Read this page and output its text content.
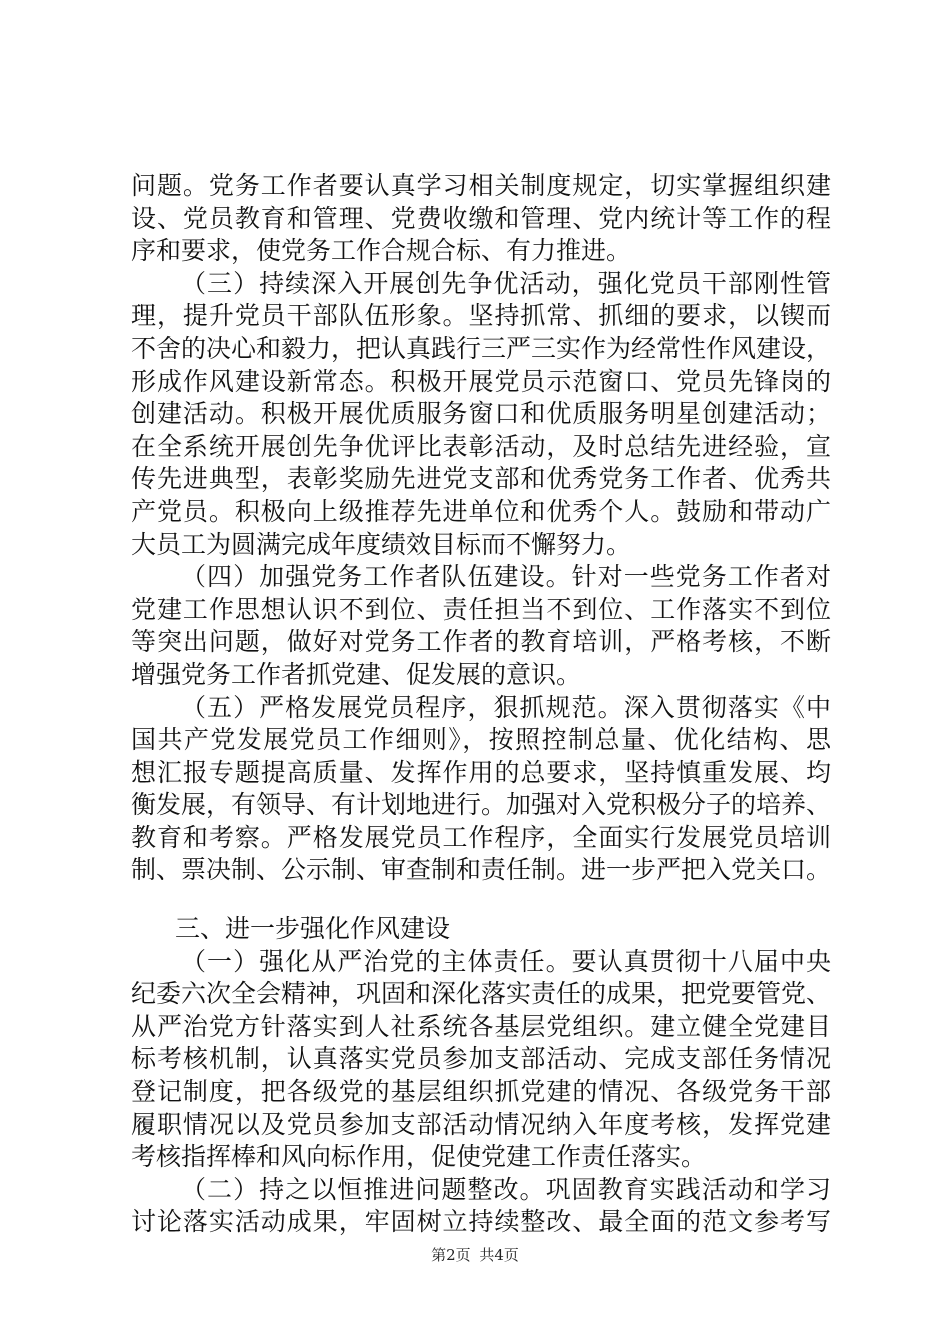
问题。党务工作者要认真学习相关制度规定，切实掌握组织建
设、党员教育和管理、党费收缴和管理、党内统计等工作的程
序和要求，使党务工作合规合标、有力推进。
（三）持续深入开展创先争优活动，强化党员干部刚性管
理，提升党员干部队伍形象。坚持抓常、抓细的要求，以锲而
不舍的决心和毅力，把认真践行三严三实作为经常性作风建设，
形成作风建设新常态。积极开展党员示范窗口、党员先锋岗的
创建活动。积极开展优质服务窗口和优质服务明星创建活动；
在全系统开展创先争优评比表彰活动，及时总结先进经验，宣
传先进典型，表彰奖励先进党支部和优秀党务工作者、优秀共
产党员。积极向上级推荐先进单位和优秀个人。鼓励和带动广
大员工为圆满完成年度绩效目标而不懈努力。
（四）加强党务工作者队伍建设。针对一些党务工作者对
党建工作思想认识不到位、责任担当不到位、工作落实不到位
等突出问题，做好对党务工作者的教育培训，严格考核，不断
增强党务工作者抓党建、促发展的意识。
（五）严格发展党员程序，狠抓规范。深入贯彻落实《中
国共产党发展党员工作细则》，按照控制总量、优化结构、思
想汇报专题提高质量、发挥作用的总要求，坚持慎重发展、均
衡发展，有领导、有计划地进行。加强对入党积极分子的培养、
教育和考察。严格发展党员工作程序，全面实行发展党员培训
制、票决制、公示制、审查制和责任制。进一步严把入党关口。
三、进一步强化作风建设
（一）强化从严治党的主体责任。要认真贯彻十八届中央
纪委六次全会精神，巩固和深化落实责任的成果，把党要管党、
从严治党方针落实到人社系统各基层党组织。建立健全党建目
标考核机制，认真落实党员参加支部活动、完成支部任务情况
登记制度，把各级党的基层组织抓党建的情况、各级党务干部
履职情况以及党员参加支部活动情况纳入年度考核，发挥党建
考核指挥棒和风向标作用，促使党建工作责任落实。
（二）持之以恒推进问题整改。巩固教育实践活动和学习
讨论落实活动成果，牢固树立持续整改、最全面的范文参考写
第2页 共4页
